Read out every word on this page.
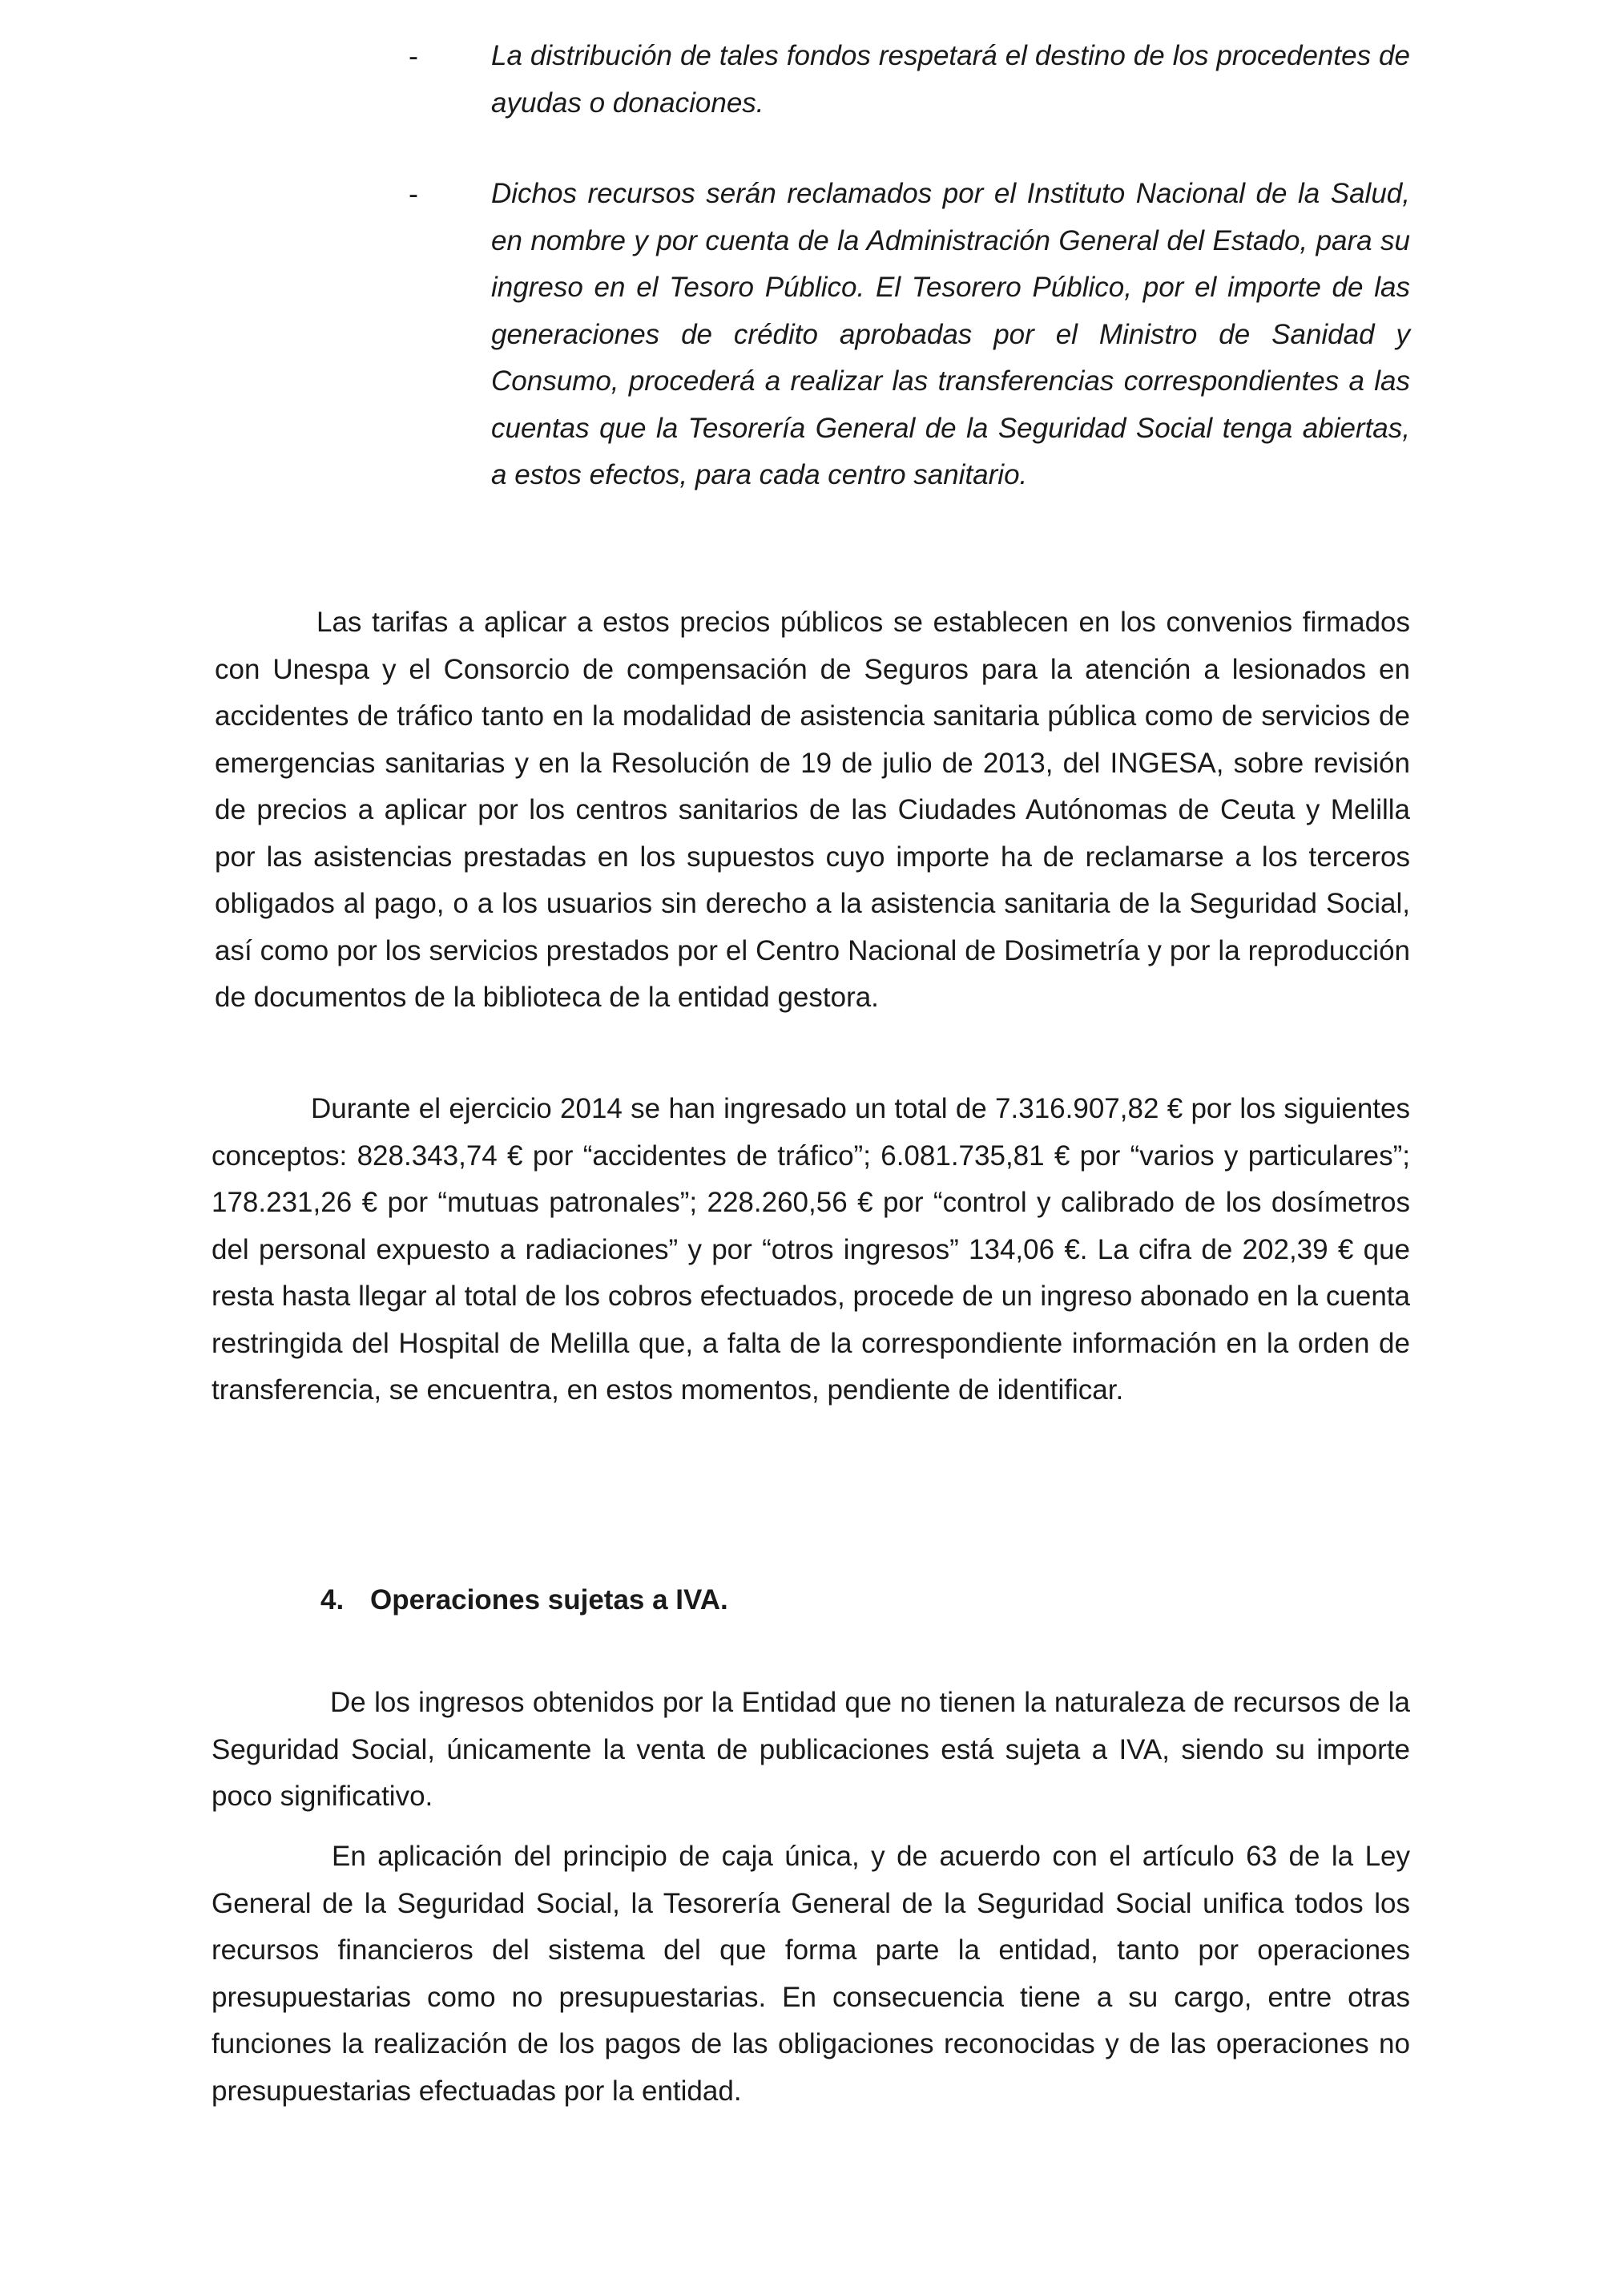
-	La distribución de tales fondos respetará el destino de los procedentes de ayudas o donaciones.
-	Dichos recursos serán reclamados por el Instituto Nacional de la Salud, en nombre y por cuenta de la Administración General del Estado, para su ingreso en el Tesoro Público. El Tesorero Público, por el importe de las generaciones de crédito aprobadas por el Ministro de Sanidad y Consumo, procederá a realizar las transferencias correspondientes a las cuentas que la Tesorería General de la Seguridad Social tenga abiertas, a estos efectos, para cada centro sanitario.
Las tarifas a aplicar a estos precios públicos se establecen en los convenios firmados con Unespa y el Consorcio de compensación de Seguros para la atención a lesionados en accidentes de tráfico tanto en la modalidad de asistencia sanitaria pública como de servicios de emergencias sanitarias y en la Resolución de 19 de julio de 2013, del INGESA, sobre revisión de precios a aplicar por los centros sanitarios de las Ciudades Autónomas de Ceuta y Melilla por las asistencias prestadas en los supuestos cuyo importe ha de reclamarse a los terceros obligados al pago, o a los usuarios sin derecho a la asistencia sanitaria de la Seguridad Social, así como por los servicios prestados por el Centro Nacional de Dosimetría y por la reproducción de documentos de la biblioteca de la entidad gestora.
Durante el ejercicio 2014 se han ingresado un total de 7.316.907,82 € por los siguientes conceptos: 828.343,74 € por “accidentes de tráfico”; 6.081.735,81 € por “varios y particulares”; 178.231,26 € por “mutuas patronales”; 228.260,56 € por “control y calibrado de los dosímetros del personal expuesto a radiaciones” y por “otros ingresos” 134,06 €. La cifra de 202,39 € que resta hasta llegar al total de los cobros efectuados, procede de un ingreso abonado en la cuenta restringida del Hospital de Melilla que, a falta de la correspondiente información en la orden de transferencia, se encuentra, en estos momentos, pendiente de identificar.
4. Operaciones sujetas a IVA.
De los ingresos obtenidos por la Entidad que no tienen la naturaleza de recursos de la Seguridad Social, únicamente la venta de publicaciones está sujeta a IVA, siendo su importe poco significativo.
En aplicación del principio de caja única, y de acuerdo con el artículo 63 de la Ley General de la Seguridad Social, la Tesorería General de la Seguridad Social unifica todos los recursos financieros del sistema del que forma parte la entidad, tanto por operaciones presupuestarias como no presupuestarias. En consecuencia tiene a su cargo, entre otras funciones la realización de los pagos de las obligaciones reconocidas y de las operaciones no presupuestarias efectuadas por la entidad.
